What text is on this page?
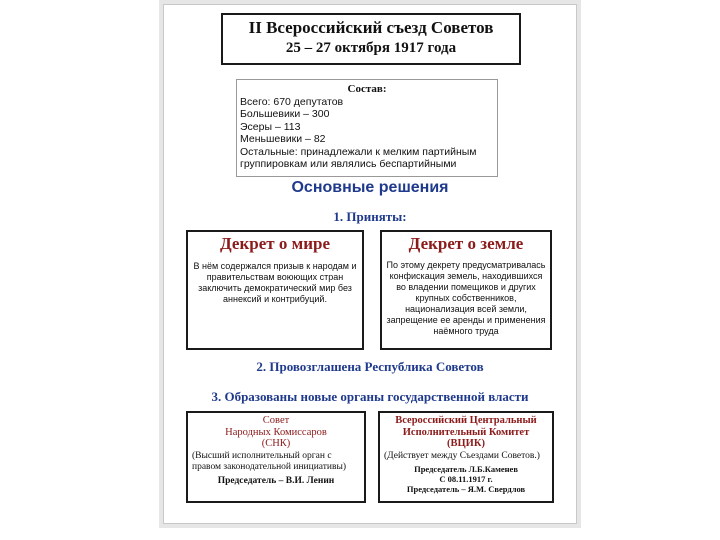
II Всероссийский съезд Советов
25 – 27 октября 1917 года
Состав:
Всего: 670 депутатов
Большевики – 300
Эсеры – 113
Меньшевики – 82
Остальные: принадлежали к мелким партийным
группировкам или являлись беспартийными
Основные решения
1. Приняты:
Декрет о мире
В нём содержался призыв к народам и правительствам воюющих стран заключить демократический мир без аннексий и контрибуций.
Декрет о земле
По этому декрету предусматривалась конфискация земель, находившихся во владении помещиков и других крупных собственников, национализация всей земли, запрещение ее аренды и применения наёмного труда
2. Провозглашена Республика Советов
3. Образованы новые органы государственной власти
Совет
Народных Комиссаров
(СНК)
(Высший исполнительный орган с правом законодательной инициативы)
Председатель – В.И. Ленин
Всероссийский Центральный
Исполнительный Комитет
(ВЦИК)
(Действует между Съездами Советов.)
Председатель Л.Б.Каменев
С 08.11.1917 г.
Председатель – Я.М. Свердлов
